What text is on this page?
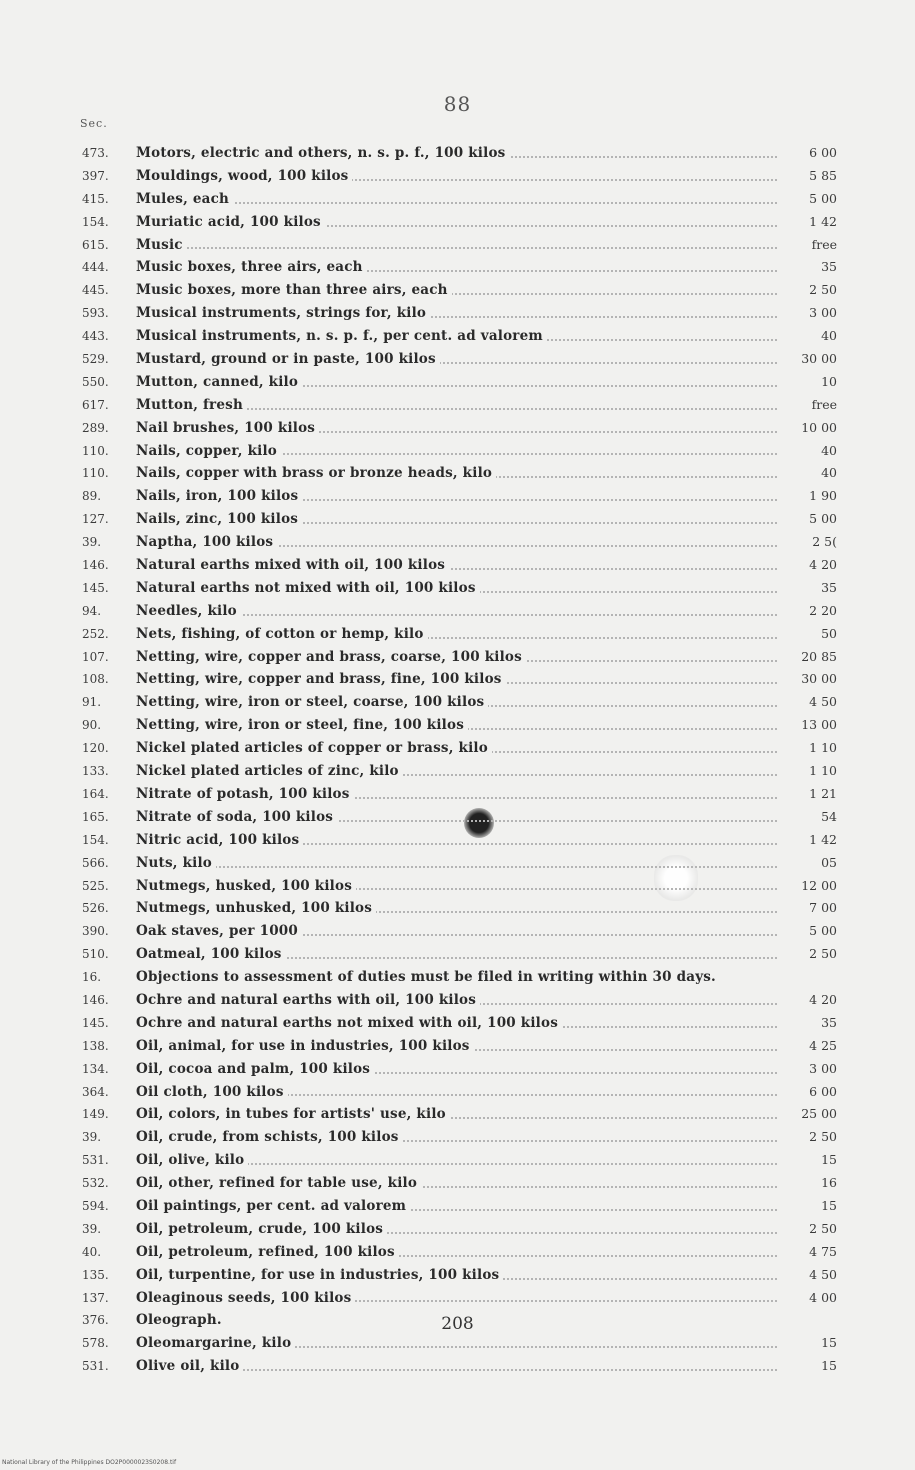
88
Sec.
473.	Motors, electric and others, n. s. p. f., 100 kilos	6 00
397.	Mouldings, wood, 100 kilos	5 85
415.	Mules, each	5 00
154.	Muriatic acid, 100 kilos	1 42
615.	Music	free
444.	Music boxes, three airs, each	35
445.	Music boxes, more than three airs, each	2 50
593.	Musical instruments, strings for, kilo	3 00
443.	Musical instruments, n. s. p. f., per cent. ad valorem	40
529.	Mustard, ground or in paste, 100 kilos	30 00
550.	Mutton, canned, kilo	10
617.	Mutton, fresh	free
289.	Nail brushes, 100 kilos	10 00
110.	Nails, copper, kilo	40
110.	Nails, copper with brass or bronze heads, kilo	40
89.	Nails, iron, 100 kilos	1 90
127.	Nails, zinc, 100 kilos	5 00
39.	Naptha, 100 kilos	2 5(
146.	Natural earths mixed with oil, 100 kilos	4 20
145.	Natural earths not mixed with oil, 100 kilos	35
94.	Needles, kilo	2 20
252.	Nets, fishing, of cotton or hemp, kilo	50
107.	Netting, wire, copper and brass, coarse, 100 kilos	20 85
108.	Netting, wire, copper and brass, fine, 100 kilos	30 00
91.	Netting, wire, iron or steel, coarse, 100 kilos	4 50
90.	Netting, wire, iron or steel, fine, 100 kilos	13 00
120.	Nickel plated articles of copper or brass, kilo	1 10
133.	Nickel plated articles of zinc, kilo	1 10
164.	Nitrate of potash, 100 kilos	1 21
165.	Nitrate of soda, 100 kilos	54
154.	Nitric acid, 100 kilos	1 42
566.	Nuts, kilo	05
525.	Nutmegs, husked, 100 kilos	12 00
526.	Nutmegs, unhusked, 100 kilos	7 00
390.	Oak staves, per 1000	5 00
510.	Oatmeal, 100 kilos	2 50
16.	Objections to assessment of duties must be filed in writing within 30 days.
146.	Ochre and natural earths with oil, 100 kilos	4 20
145.	Ochre and natural earths not mixed with oil, 100 kilos	35
138.	Oil, animal, for use in industries, 100 kilos	4 25
134.	Oil, cocoa and palm, 100 kilos	3 00
364.	Oil cloth, 100 kilos	6 00
149.	Oil, colors, in tubes for artists' use, kilo	25 00
39.	Oil, crude, from schists, 100 kilos	2 50
531.	Oil, olive, kilo	15
532.	Oil, other, refined for table use, kilo	16
594.	Oil paintings, per cent. ad valorem	15
39.	Oil, petroleum, crude, 100 kilos	2 50
40.	Oil, petroleum, refined, 100 kilos	4 75
135.	Oil, turpentine, for use in industries, 100 kilos	4 50
137.	Oleaginous seeds, 100 kilos	4 00
376.	Oleograph.
578.	Oleomargarine, kilo	15
531.	Olive oil, kilo	15
208
National Library of the Philippines DO2P0000023S0208.tif
